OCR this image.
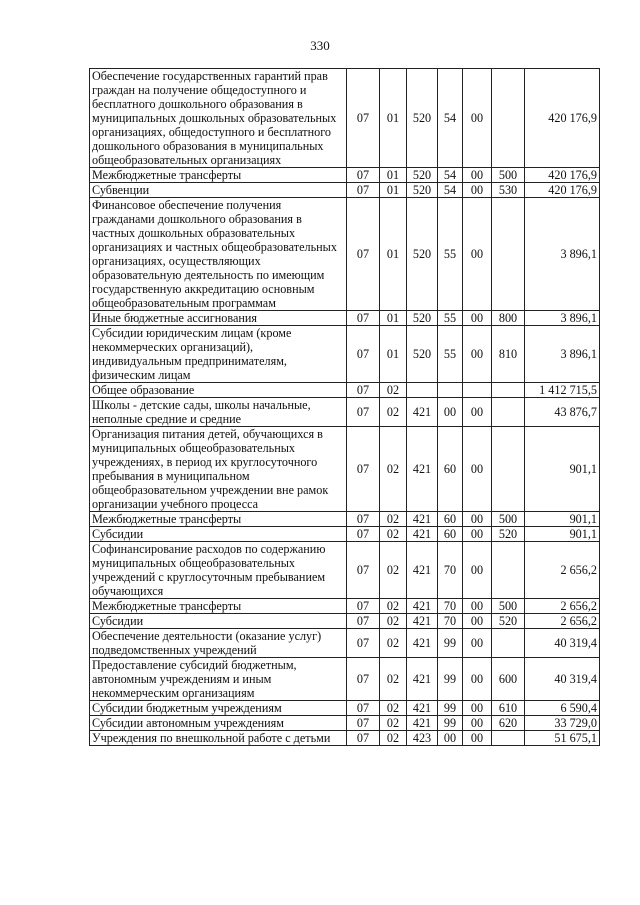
330
Обеспечение государственных гарантий прав граждан на получение общедоступного и бесплатного дошкольного образования в муниципальных дошкольных образовательных организациях, общедоступного и бесплатного дошкольного образования в муниципальных общеобразовательных организациях	07	01	520	54	00		420 176,9
Межбюджетные трансферты	07	01	520	54	00	500	420 176,9
Субвенции	07	01	520	54	00	530	420 176,9
Финансовое обеспечение получения гражданами дошкольного образования в частных дошкольных образовательных организациях и частных общеобразовательных организациях, осуществляющих образовательную деятельность по имеющим государственную аккредитацию основным общеобразовательным программам	07	01	520	55	00		3 896,1
Иные бюджетные ассигнования	07	01	520	55	00	800	3 896,1
Субсидии юридическим лицам (кроме некоммерческих организаций), индивидуальным предпринимателям, физическим лицам	07	01	520	55	00	810	3 896,1
Общее образование	07	02					1 412 715,5
Школы - детские сады, школы начальные, неполные средние и средние	07	02	421	00	00		43 876,7
Организация питания детей, обучающихся в муниципальных общеобразовательных учреждениях, в период их круглосуточного пребывания в муниципальном общеобразовательном учреждении вне рамок организации учебного процесса	07	02	421	60	00		901,1
Межбюджетные трансферты	07	02	421	60	00	500	901,1
Субсидии	07	02	421	60	00	520	901,1
Софинансирование расходов по содержанию муниципальных общеобразовательных учреждений с круглосуточным пребыванием обучающихся	07	02	421	70	00		2 656,2
Межбюджетные трансферты	07	02	421	70	00	500	2 656,2
Субсидии	07	02	421	70	00	520	2 656,2
Обеспечение деятельности (оказание услуг) подведомственных учреждений	07	02	421	99	00		40 319,4
Предоставление субсидий бюджетным, автономным учреждениям и иным некоммерческим организациям	07	02	421	99	00	600	40 319,4
Субсидии бюджетным учреждениям	07	02	421	99	00	610	6 590,4
Субсидии автономным учреждениям	07	02	421	99	00	620	33 729,0
Учреждения по внешкольной работе с детьми	07	02	423	00	00		51 675,1
